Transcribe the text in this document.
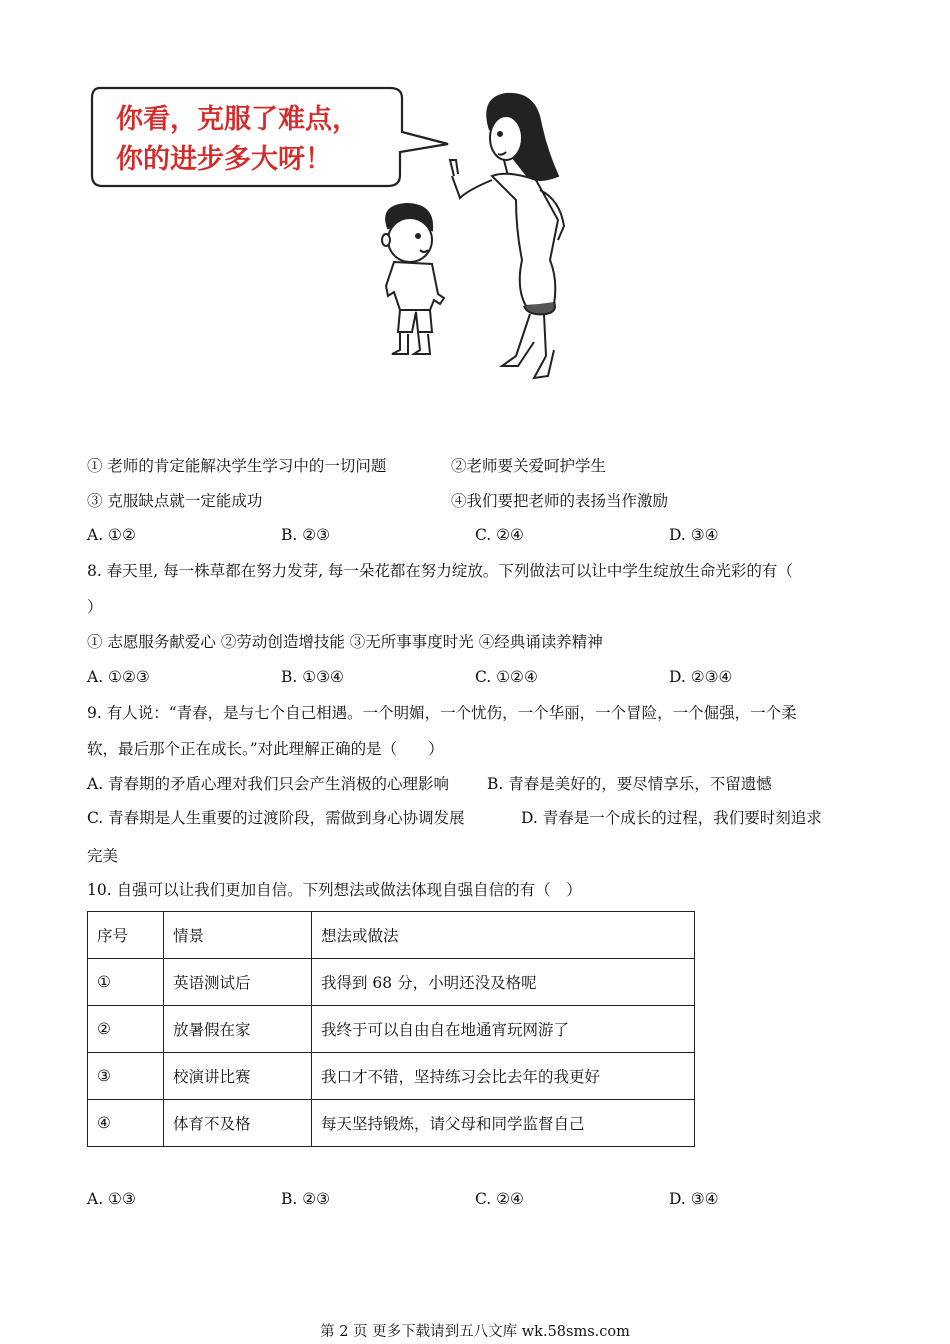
你看，克服了难点，
你的进步多大呀！
① 老师的肯定能解决学生学习中的一切问题	②老师要关爱呵护学生
③ 克服缺点就一定能成功	④我们要把老师的表扬当作激励
A. ①②	B. ②③	C. ②④	D. ③④
8. 春天里, 每一株草都在努力发芽, 每一朵花都在努力绽放。下列做法可以让中学生绽放生命光彩的有（
）
① 志愿服务献爱心 ②劳动创造增技能 ③无所事事度时光 ④经典诵读养精神
A. ①②③	B. ①③④	C. ①②④	D. ②③④
9. 有人说：“青春，是与七个自己相遇。一个明媚，一个忧伤，一个华丽，一个冒险，一个倔强，一个柔
软，最后那个正在成长。”对此理解正确的是（　　）
A. 青春期的矛盾心理对我们只会产生消极的心理影响 B. 青春是美好的，要尽情享乐，不留遗憾
C. 青春期是人生重要的过渡阶段，需做到身心协调发展	D. 青春是一个成长的过程，我们要时刻追求
完美
10. 自强可以让我们更加自信。下列想法或做法体现自强自信的有（　）
序号	情景	想法或做法
①	英语测试后	我得到 68 分，小明还没及格呢
②	放暑假在家	我终于可以自由自在地通宵玩网游了
③	校演讲比赛	我口才不错，坚持练习会比去年的我更好
④	体育不及格	每天坚持锻炼，请父母和同学监督自己
A. ①③	B. ②③	C. ②④	D. ③④
第 2 页 更多下载请到五八文库 wk.58sms.com
